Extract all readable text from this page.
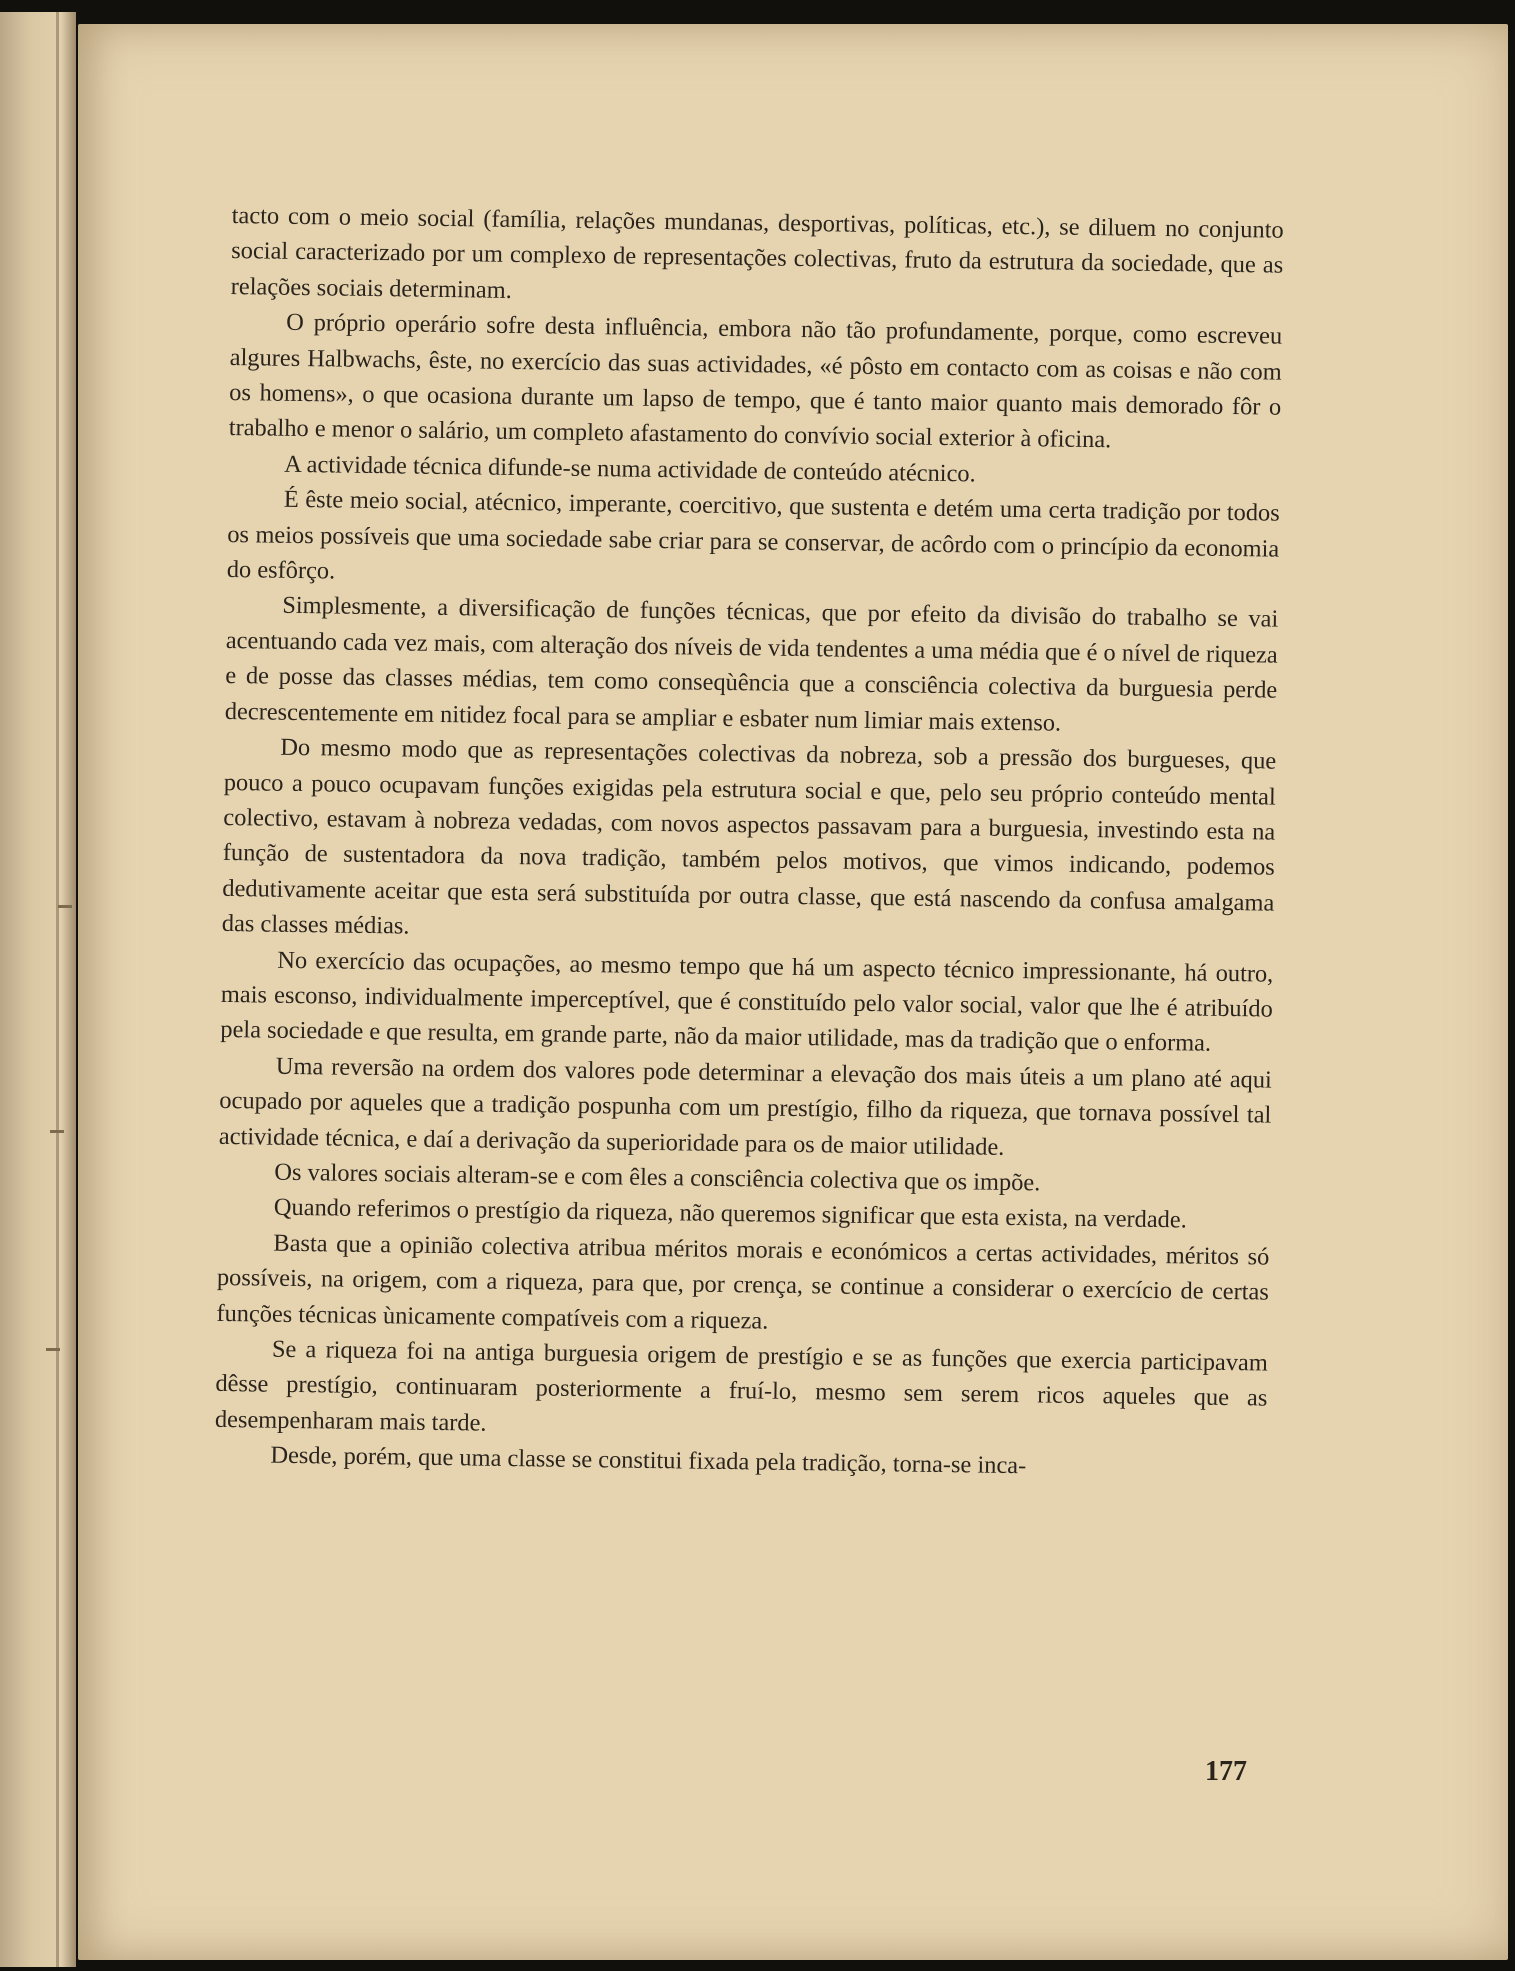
tacto com o meio social (família, relações mundanas, desportivas, políticas, etc.), se diluem no conjunto social caracterizado por um complexo de representações colectivas, fruto da estrutura da sociedade, que as relações sociais determinam.

O próprio operário sofre desta influência, embora não tão profundamente, porque, como escreveu algures Halbwachs, êste, no exercício das suas actividades, «é pôsto em contacto com as coisas e não com os homens», o que ocasiona durante um lapso de tempo, que é tanto maior quanto mais demorado fôr o trabalho e menor o salário, um completo afastamento do convívio social exterior à oficina.

A actividade técnica difunde-se numa actividade de conteúdo atécnico.

É êste meio social, atécnico, imperante, coercitivo, que sustenta e detém uma certa tradição por todos os meios possíveis que uma sociedade sabe criar para se conservar, de acôrdo com o princípio da economia do esfôrço.

Simplesmente, a diversificação de funções técnicas, que por efeito da divisão do trabalho se vai acentuando cada vez mais, com alteração dos níveis de vida tendentes a uma média que é o nível de riqueza e de posse das classes médias, tem como conseqùência que a consciência colectiva da burguesia perde decrescentemente em nitidez focal para se ampliar e esbater num limiar mais extenso.

Do mesmo modo que as representações colectivas da nobreza, sob a pressão dos burgueses, que pouco a pouco ocupavam funções exigidas pela estrutura social e que, pelo seu próprio conteúdo mental colectivo, estavam à nobreza vedadas, com novos aspectos passavam para a burguesia, investindo esta na função de sustentadora da nova tradição, também pelos motivos, que vimos indicando, podemos dedutivamente aceitar que esta será substituída por outra classe, que está nascendo da confusa amalgama das classes médias.

No exercício das ocupações, ao mesmo tempo que há um aspecto técnico impressionante, há outro, mais esconso, individualmente imperceptível, que é constituído pelo valor social, valor que lhe é atribuído pela sociedade e que resulta, em grande parte, não da maior utilidade, mas da tradição que o enforma.

Uma reversão na ordem dos valores pode determinar a elevação dos mais úteis a um plano até aqui ocupado por aqueles que a tradição pospunha com um prestígio, filho da riqueza, que tornava possível tal actividade técnica, e daí a derivação da superioridade para os de maior utilidade.

Os valores sociais alteram-se e com êles a consciência colectiva que os impõe.

Quando referimos o prestígio da riqueza, não queremos significar que esta exista, na verdade.

Basta que a opinião colectiva atribua méritos morais e económicos a certas actividades, méritos só possíveis, na origem, com a riqueza, para que, por crença, se continue a considerar o exercício de certas funções técnicas ùnicamente compatíveis com a riqueza.

Se a riqueza foi na antiga burguesia origem de prestígio e se as funções que exercia participavam dêsse prestígio, continuaram posteriormente a fruí-lo, mesmo sem serem ricos aqueles que as desempenharam mais tarde.

Desde, porém, que uma classe se constitui fixada pela tradição, torna-se inca-

177
